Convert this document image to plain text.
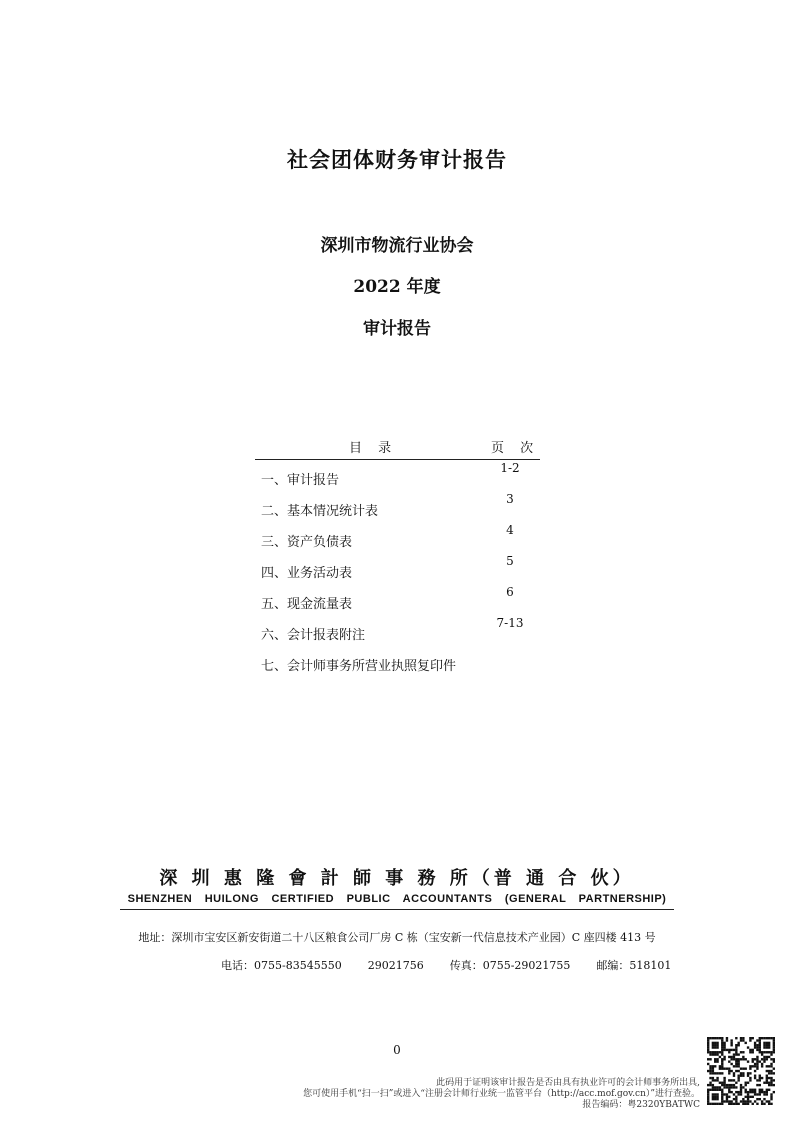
社会团体财务审计报告
深圳市物流行业协会
2022 年度
审计报告
目 录	页 次
一、审计报告
1-2
二、基本情况统计表
3
三、资产负债表
4
四、业务活动表
5
五、现金流量表
6
六、会计报表附注
7-13
七、会计师事务所营业执照复印件
深 圳 惠 隆 會 計 師 事 務 所（普 通 合 伙）
SHENZHEN HUILONG CERTIFIED PUBLIC ACCOUNTANTS (GENERAL PARTNERSHIP)
地址：深圳市宝安区新安街道二十八区粮食公司厂房 C 栋（宝安新一代信息技术产业园）C 座四楼 413 号
电话：0755-83545550 29021756 传真：0755-29021755 邮编：518101
0
此码用于证明该审计报告是否由具有执业许可的会计师事务所出具,
您可使用手机“扫一扫”或进入“注册会计师行业统一监管平台（http://acc.mof.gov.cn）”进行查验。
报告编码：粤2320YBATWC
